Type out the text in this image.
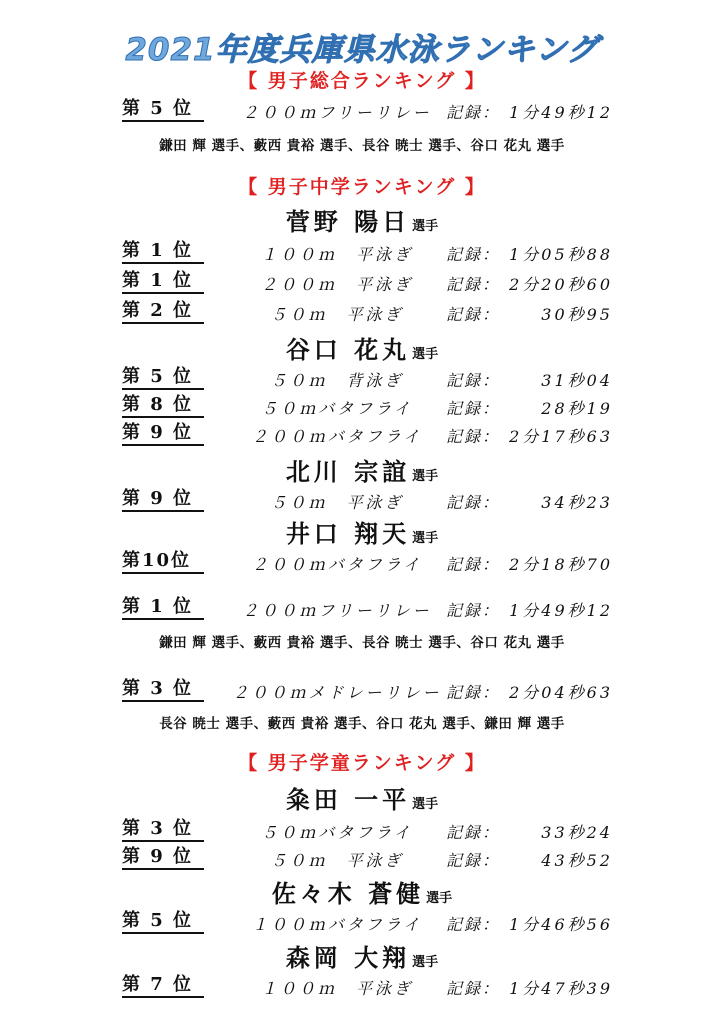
2021年度兵庫県水泳ランキング
【 男子総合ランキング 】
第 5 位	２００ｍフリーリレー 記録： 1分49秒12
鎌田 輝 選手、藪西 貴裕 選手、長谷 暁士 選手、谷口 花丸 選手
【 男子中学ランキング 】
菅野 陽日 選手
第 1 位	１００ｍ　平泳ぎ	記録： 1分05秒88
第 1 位	２００ｍ　平泳ぎ	記録： 2分20秒60
第 2 位	５０ｍ　平泳ぎ	記録：	30秒95
谷口 花丸 選手
第 5 位	５０ｍ　背泳ぎ	記録：	31秒04
第 8 位	５０ｍバタフライ	記録：	28秒19
第 9 位	２００ｍバタフライ	記録： 2分17秒63
北川 宗誼 選手
第 9 位	５０ｍ　平泳ぎ	記録：	34秒23
井口 翔天 選手
第10位	２００ｍバタフライ	記録： 2分18秒70
第 1 位	２００ｍフリーリレー 記録： 1分49秒12
鎌田 輝 選手、藪西 貴裕 選手、長谷 暁士 選手、谷口 花丸 選手
第 3 位	２００ｍメドレーリレー 記録： 2分04秒63
長谷 暁士 選手、藪西 貴裕 選手、谷口 花丸 選手、鎌田 輝 選手
【 男子学童ランキング 】
粂田 一平 選手
第 3 位	５０ｍバタフライ	記録：	33秒24
第 9 位	５０ｍ　平泳ぎ	記録：	43秒52
佐々木 蒼健 選手
第 5 位	１００ｍバタフライ	記録： 1分46秒56
森岡 大翔 選手
第 7 位	１００ｍ　平泳ぎ	記録： 1分47秒39
